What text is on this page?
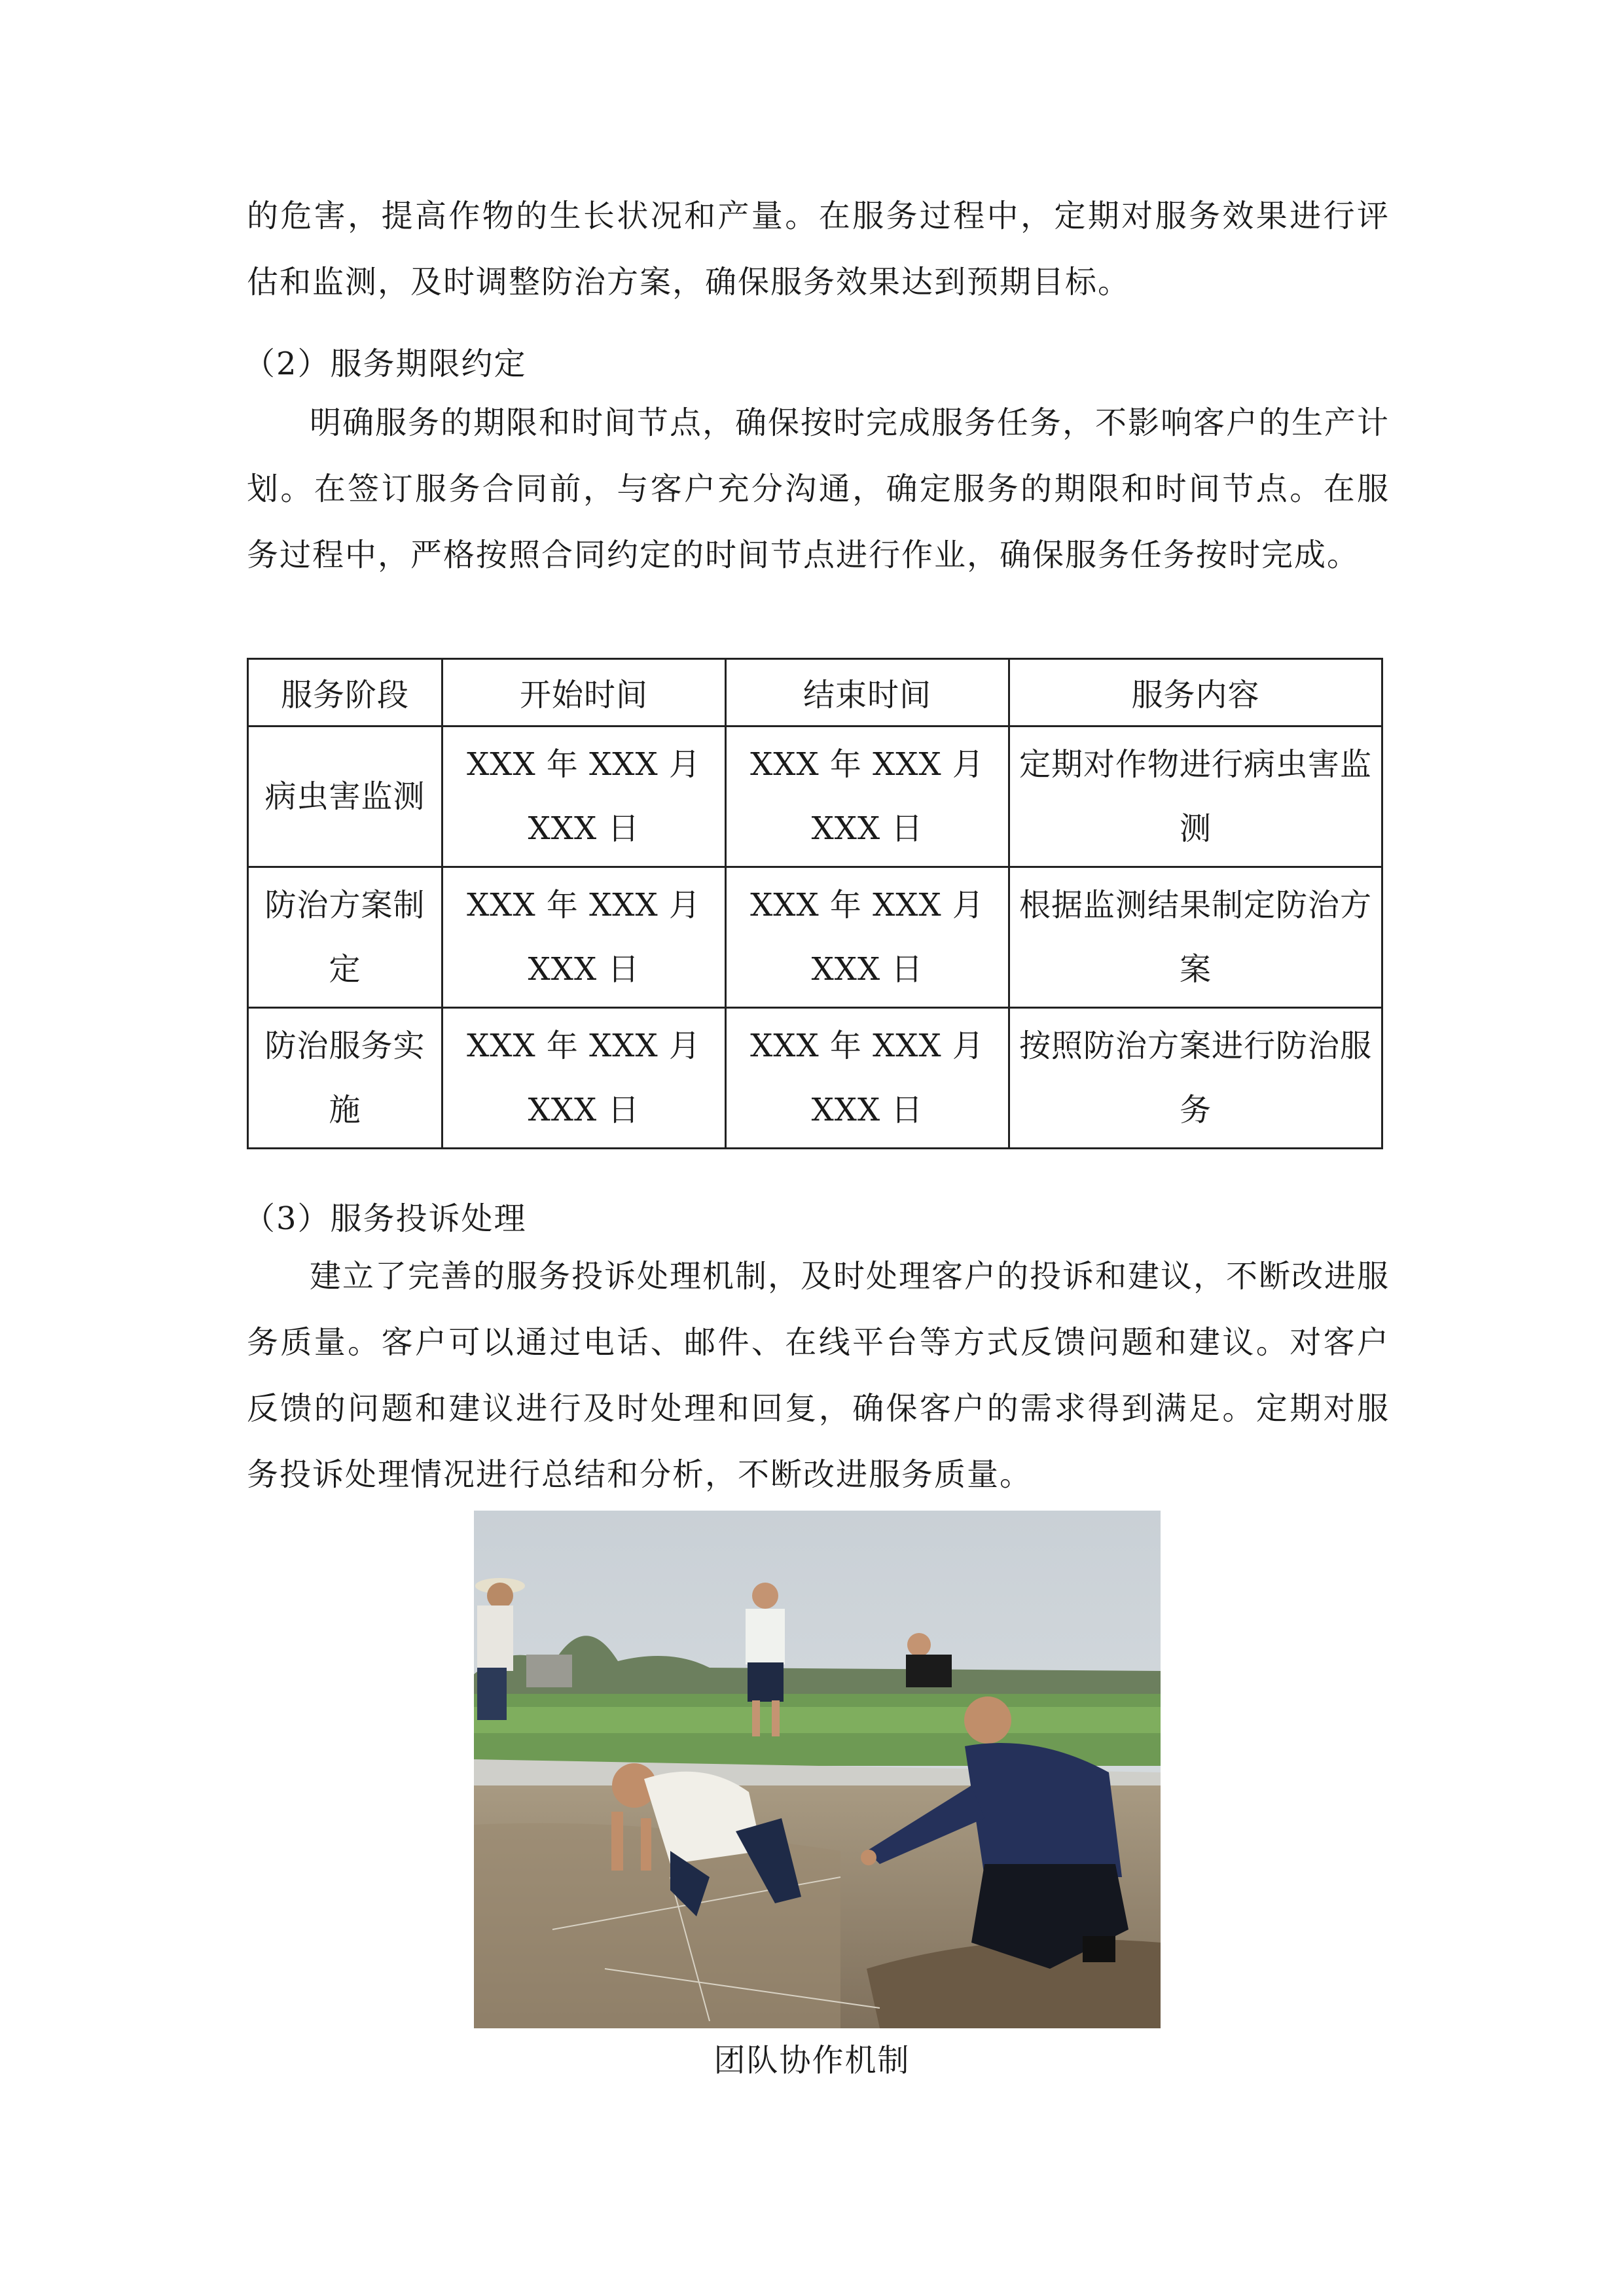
的危害，提高作物的生长状况和产量。在服务过程中，定期对服务效果进行评估和监测，及时调整防治方案，确保服务效果达到预期目标。

（2）服务期限约定

明确服务的期限和时间节点，确保按时完成服务任务，不影响客户的生产计划。在签订服务合同前，与客户充分沟通，确定服务的期限和时间节点。在服务过程中，严格按照合同约定的时间节点进行作业，确保服务任务按时完成。

服务阶段	开始时间	结束时间	服务内容
病虫害监测	XXX 年 XXX 月 XXX 日	XXX 年 XXX 月 XXX 日	定期对作物进行病虫害监测
防治方案制定	XXX 年 XXX 月 XXX 日	XXX 年 XXX 月 XXX 日	根据监测结果制定防治方案
防治服务实施	XXX 年 XXX 月 XXX 日	XXX 年 XXX 月 XXX 日	按照防治方案进行防治服务

（3）服务投诉处理

建立了完善的服务投诉处理机制，及时处理客户的投诉和建议，不断改进服务质量。客户可以通过电话、邮件、在线平台等方式反馈问题和建议。对客户反馈的问题和建议进行及时处理和回复，确保客户的需求得到满足。定期对服务投诉处理情况进行总结和分析，不断改进服务质量。

团队协作机制
